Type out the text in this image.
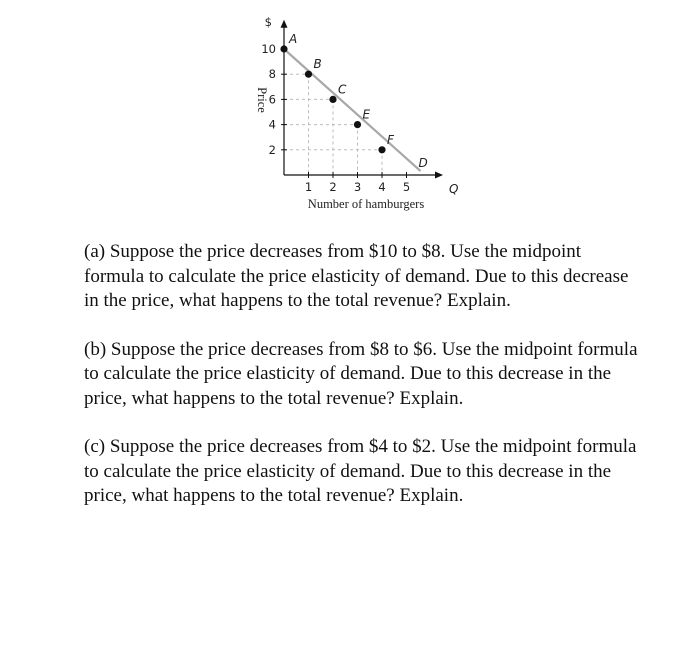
2
4
6
8
10
1 2 3 4 5
D
A
B
C
E
F
$
Q
Number of hamburgers
Price

(a) Suppose the price decreases from $10 to $8. Use the midpoint formula to calculate the price elasticity of demand. Due to this decrease in the price, what happens to the total revenue? Explain.

(b) Suppose the price decreases from $8 to $6. Use the midpoint formula to calculate the price elasticity of demand. Due to this decrease in the price, what happens to the total revenue? Explain.

(c) Suppose the price decreases from $4 to $2. Use the midpoint formula to calculate the price elasticity of demand. Due to this decrease in the price, what happens to the total revenue? Explain.
